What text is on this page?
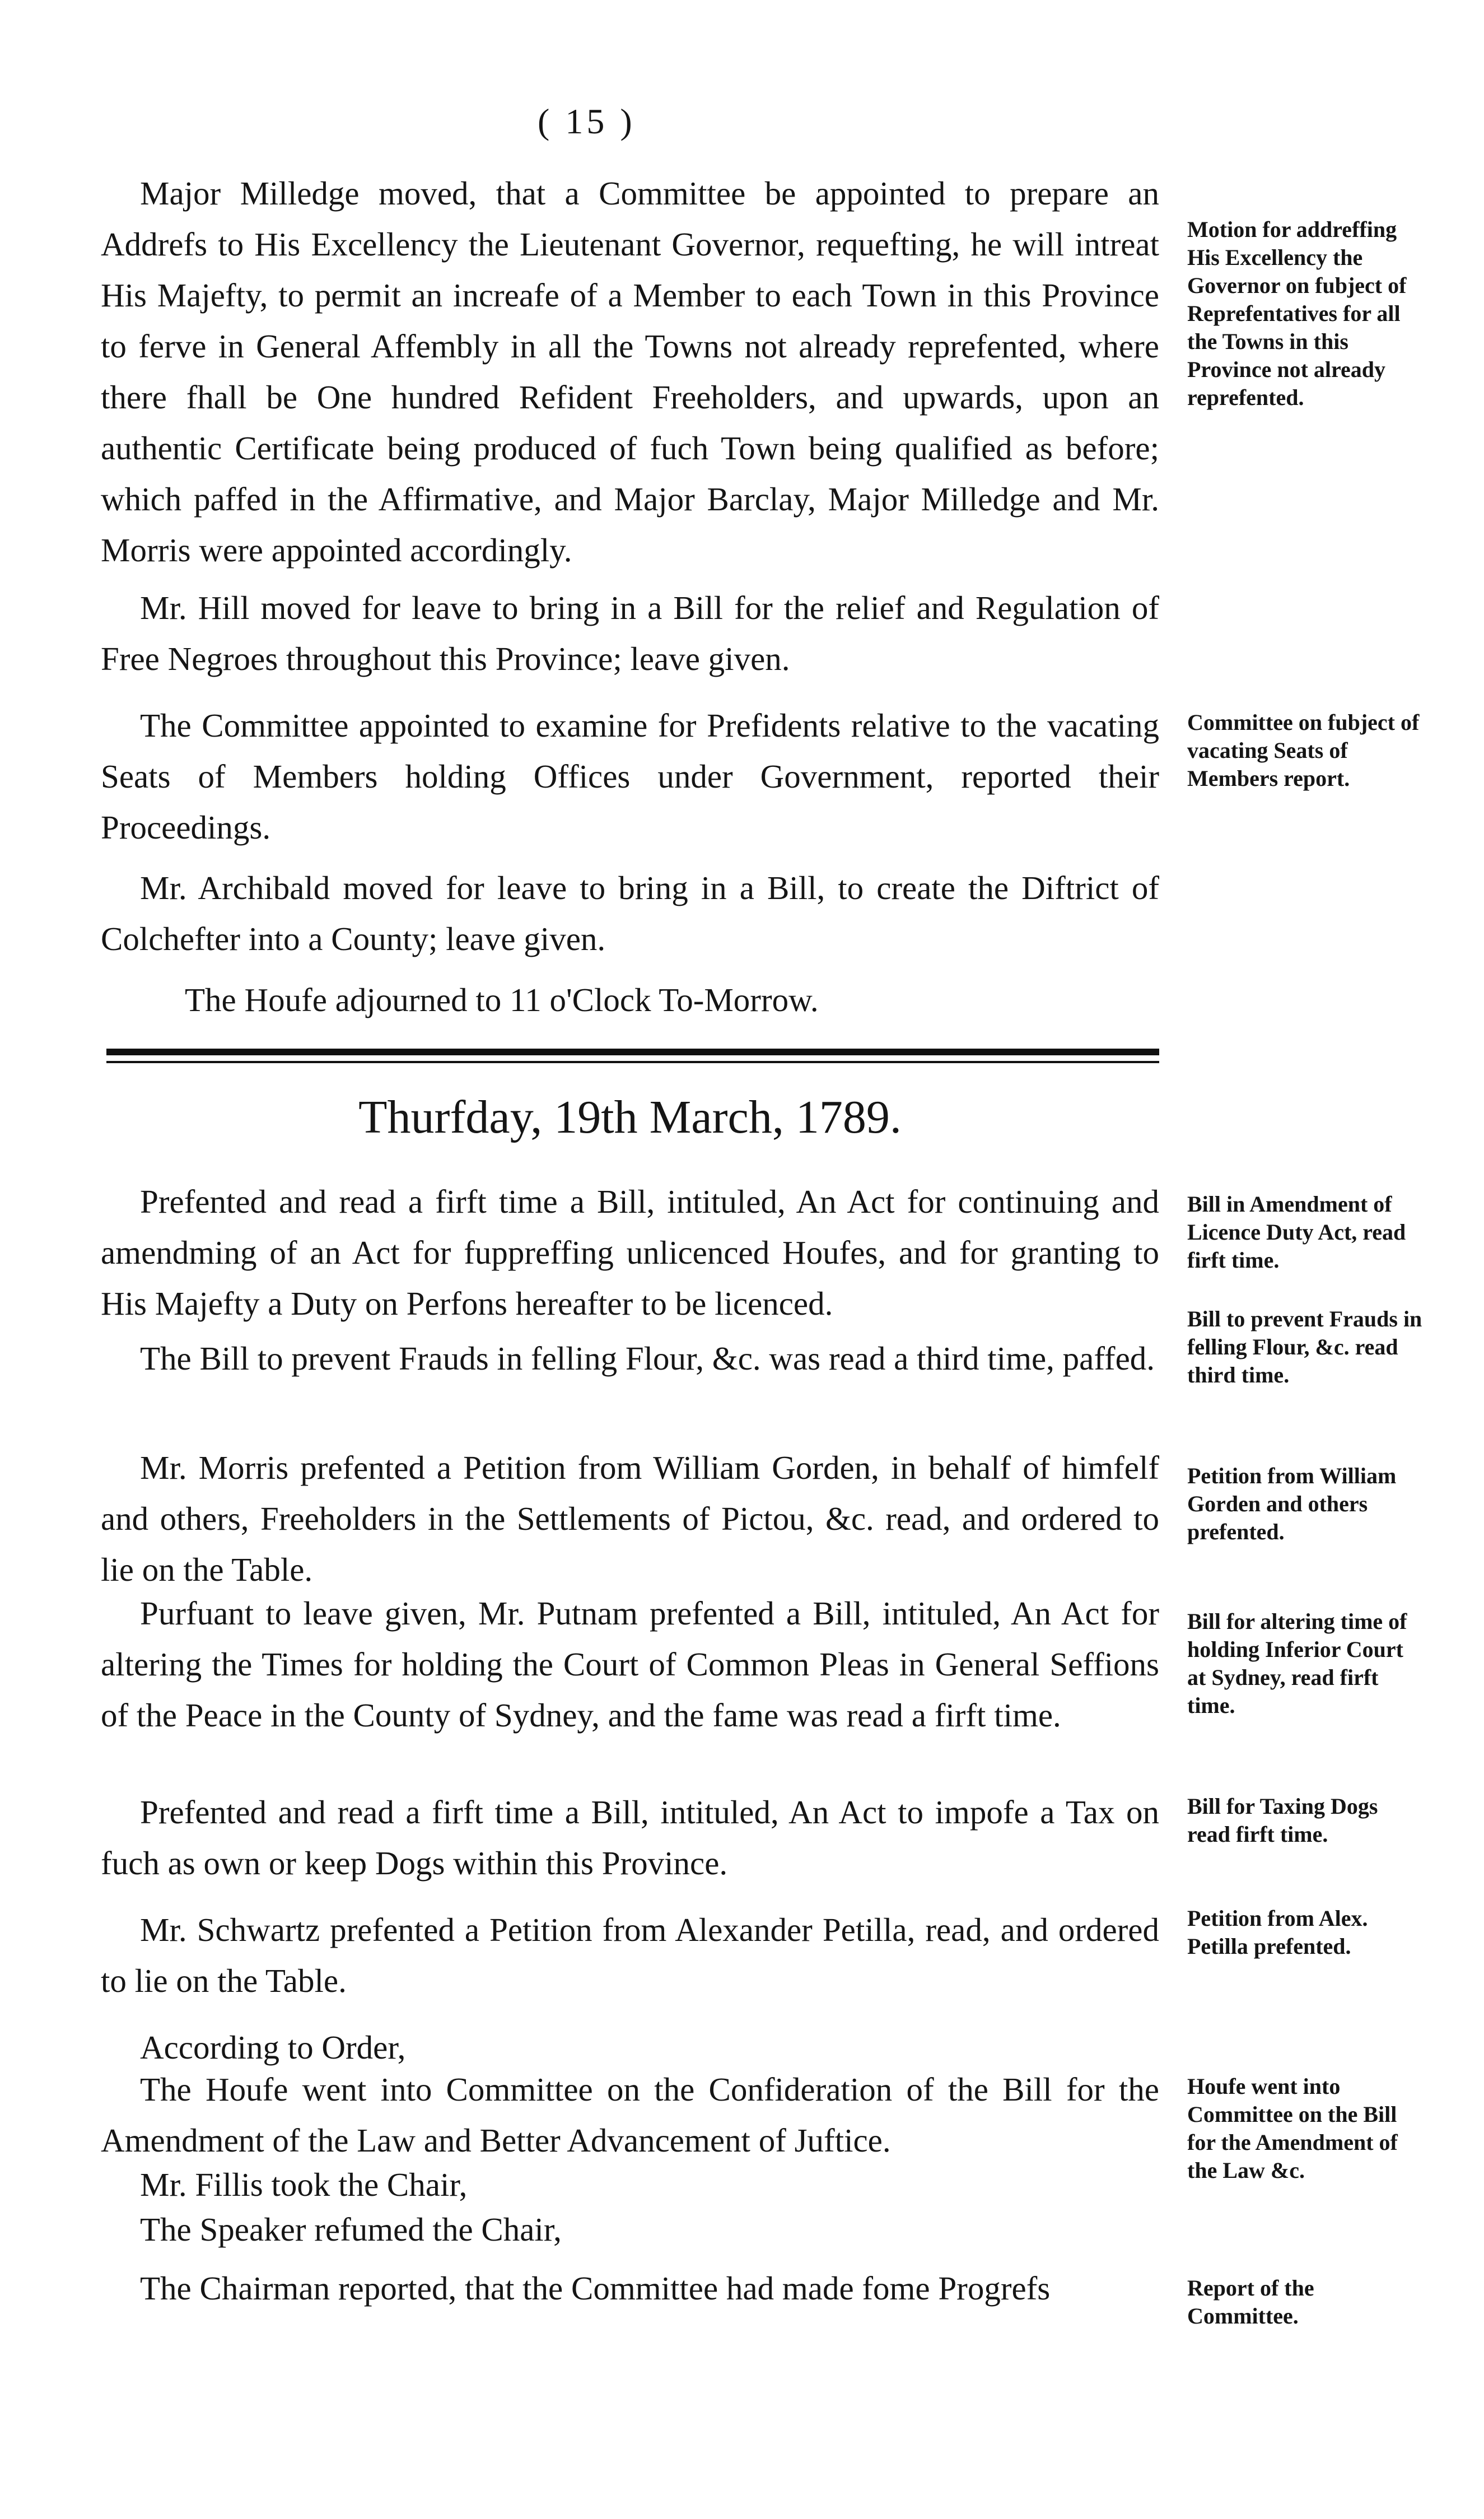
( 15 )

Major Milledge moved, that a Committee be appointed to prepare an Addrefs to His Excellency the Lieutenant Governor, requefting, he will intreat His Majefty, to permit an increafe of a Member to each Town in this Province to ferve in General Affembly in all the Towns not already reprefented, where there fhall be One hundred Refident Freeholders, and upwards, upon an authentic Certificate being produced of fuch Town being qualified as before; which paffed in the Affirmative, and Major Barclay, Major Milledge and Mr. Morris were appointed accordingly.

Mr. Hill moved for leave to bring in a Bill for the relief and Regulation of Free Negroes throughout this Province; leave given.

The Committee appointed to examine for Prefidents relative to the vacating Seats of Members holding Offices under Government, reported their Proceedings.

Mr. Archibald moved for leave to bring in a Bill, to create the Diftrict of Colchefter into a County; leave given.

The Houfe adjourned to 11 o'Clock To-Morrow.

Thurfday, 19th March, 1789.

Prefented and read a firft time a Bill, intituled, An Act for continuing and amendming of an Act for fuppreffing unlicenced Houfes, and for granting to His Majefty a Duty on Perfons hereafter to be licenced.

The Bill to prevent Frauds in felling Flour, &c. was read a third time, paffed.

Mr. Morris prefented a Petition from William Gorden, in behalf of himfelf and others, Freeholders in the Settlements of Pictou, &c. read, and ordered to lie on the Table.

Purfuant to leave given, Mr. Putnam prefented a Bill, intituled, An Act for altering the Times for holding the Court of Common Pleas in General Seffions of the Peace in the County of Sydney, and the fame was read a firft time.

Prefented and read a firft time a Bill, intituled, An Act to impofe a Tax on fuch as own or keep Dogs within this Province.

Mr. Schwartz prefented a Petition from Alexander Petilla, read, and ordered to lie on the Table.

According to Order,

The Houfe went into Committee on the Confideration of the Bill for the Amendment of the Law and Better Advancement of Juftice.

Mr. Fillis took the Chair,

The Speaker refumed the Chair,

The Chairman reported, that the Committee had made fome Progrefs

Motion for addreffing His Excellency the Governor on fubject of Reprefentatives for all the Towns in this Province not already reprefented.
Committee on fubject of vacating Seats of Members report.
Bill in Amendment of Licence Duty Act, read firft time.
Bill to prevent Frauds in felling Flour, &c. read third time.
Petition from William Gorden and others prefented.
Bill for altering time of holding Inferior Court at Sydney, read firft time.
Bill for Taxing Dogs read firft time.
Petition from Alex. Petilla prefented.
Houfe went into Committee on the Bill for the Amendment of the Law &c.
Report of the Committee.
